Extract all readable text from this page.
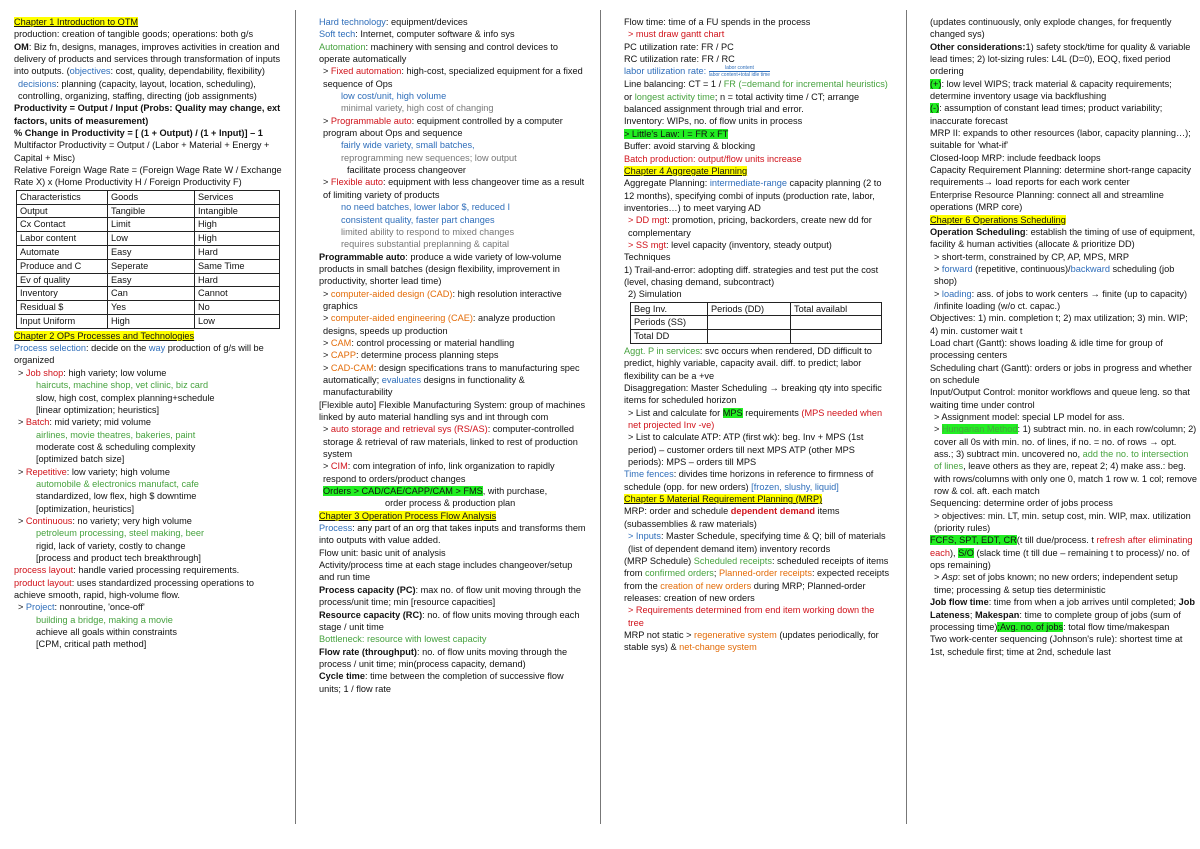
Chapter 1 Introduction to OTM

production: creation of tangible goods; operations: both g/s

OM: Biz fn, designs, manages, improves activities in creation and delivery of products and services through transformation of inputs into outputs. (objectives: cost, quality, dependability, flexibility)

decisions: planning (capacity, layout, location, scheduling), controlling, organizing, staffing, directing (job assignments)

Productivity = Output / Input (Probs: Quality may change, ext factors, units of measurement)

% Change in Productivity = [ (1 + Output) / (1 + Input)] – 1

Multifactor Productivity = Output / (Labor + Material + Energy + Capital + Misc)

Relative Foreign Wage Rate = (Foreign Wage Rate W / Exchange Rate X) x (Home Productivity H / Foreign Productivity F)

Characteristics	Goods	Services
Output	Tangible	Intangible
Cx Contact	Limit	High
Labor content	Low	High
Automate	Easy	Hard
Produce and C	Seperate	Same Time
Ev of quality	Easy	Hard
Inventory	Can	Cannot
Residual $	Yes	No
Input Uniform	High	Low

Chapter 2 OPs Processes and Technologies

Process selection: decide on the way production of g/s will be organized

> Job shop: high variety; low volume

haircuts, machine shop, vet clinic, biz card

slow, high cost, complex planning+schedule

[linear optimization; heuristics]

> Batch: mid variety; mid volume

airlines, movie theatres, bakeries, paint

moderate cost & scheduling complexity

[optimized batch size]

> Repetitive: low variety; high volume

automobile & electronics manufact, cafe

standardized, low flex, high $ downtime

[optimization, heuristics]

> Continuous: no variety; very high volume

petroleum processing, steel making, beer

rigid, lack of variety, costly to change

[process and product tech breakthrough]

process layout: handle varied processing requirements.

product layout: uses standardized processing operations to achieve smooth, rapid, high-volume flow.

> Project: nonroutine, 'once-off'

building a bridge, making a movie

achieve all goals within constraints

[CPM, critical path method]

Hard technology: equipment/devices

Soft tech: Internet, computer software & info sys

Automation: machinery with sensing and control devices to operate automatically

> Fixed automation: high-cost, specialized equipment for a fixed sequence of Ops

low cost/unit, high volume

minimal variety, high cost of changing

> Programmable auto: equipment controlled by a computer program about Ops and sequence

fairly wide variety, small batches,

reprogramming new sequences; low output

facilitate process changeover

> Flexible auto: equipment with less changeover time as a result of limiting variety of products

no need batches, lower labor $, reduced I

consistent quality, faster part changes

limited ability to respond to mixed changes

requires substantial preplanning & capital

Programmable auto: produce a wide variety of low-volume products in small batches (design flexibility, improvement in productivity, shorter lead time)

> computer-aided design (CAD): high resolution interactive graphics

> computer-aided engineering (CAE): analyze production designs, speeds up production

> CAM: control processing or material handling

> CAPP: determine process planning steps

> CAD-CAM: design specifications trans to manufacturing spec automatically; evaluates designs in functionality & manufacturability

[Flexible auto] Flexible Manufacturing System: group of machines linked by auto material handling sys and int through com

> auto storage and retrieval sys (RS/AS): computer-controlled storage & retrieval of raw materials, linked to rest of production system

> CIM: com integration of info, link organization to rapidly respond to orders/product changes

Orders > CAD/CAE/CAPP/CAM > FMS, with purchase,

order process & production plan

Chapter 3 Operation Process Flow Analysis

Process: any part of an org that takes inputs and transforms them into outputs with value added.

Flow unit: basic unit of analysis

Activity/process time at each stage includes changeover/setup and run time

Process capacity (PC): max no. of flow unit moving through the process/unit time; min [resource capacities]

Resource capacity (RC): no. of flow units moving through each stage / unit time

Bottleneck: resource with lowest capacity

Flow rate (throughput): no. of flow units moving through the process / unit time; min(process capacity, demand)

Cycle time: time between the completion of successive flow units; 1 / flow rate

Flow time: time of a FU spends in the process

> must draw gantt chart

PC utilization rate: FR / PC

RC utilization rate: FR / RC

labor utilization rate: $\frac{\text{labor content}}{\text{labor content+total idle time}}$

Line balancing: CT = 1 / FR (=demand for incremental heuristics) or longest activity time; n = total activity time / CT; arrange balanced assignment through trial and error.

Inventory: WIPs, no. of flow units in process

> Little's Law: I = FR x FT

Buffer: avoid starving & blocking

Batch production: output/flow units increase

Chapter 4 Aggregate Planning

Aggregate Planning: intermediate-range capacity planning (2 to 12 months), specifying combi of inputs (production rate, labor, inventories…) to meet varying AD

> DD mgt: promotion, pricing, backorders, create new dd for complementary

> SS mgt: level capacity (inventory, steady output)

Techniques

1) Trail-and-error: adopting diff. strategies and test put the cost (level, chasing demand, subcontract)

2) Simulation

Beg Inv.	Periods (DD)	Total availabl
Periods (SS)		
Total DD		

Aggt. P in services: svc occurs when rendered, DD difficult to predict, highly variable, capacity avail. diff. to predict; labor flexibility can be a +ve

Disaggregation: Master Scheduling → breaking qty into specific items for scheduled horizon

> List and calculate for MPS requirements (MPS needed when net projected Inv -ve)

> List to calculate ATP: ATP (first wk): beg. Inv + MPS (1st period) – customer orders till next MPS ATP (other MPS periods): MPS – orders till MPS

Time fences: divides time horizons in reference to firmness of schedule (opp. for new orders) [frozen, slushy, liquid]

Chapter 5 Material Requirement Planning (MRP)

MRP: order and schedule dependent demand items (subassemblies & raw materials)

> Inputs: Master Schedule, specifying time & Q; bill of materials (list of dependent demand item) inventory records

(MRP Schedule) Scheduled receipts: scheduled receipts of items from confirmed orders; Planned-order receipts: expected receipts from the creation of new orders during MRP; Planned-order releases: creation of new orders

> Requirements determined from end item working down the tree

MRP not static > regenerative system (updates periodically, for stable sys) & net-change system

(updates continuously, only explode changes, for frequently changed sys)

Other considerations:1) safety stock/time for quality & variable lead times; 2) lot-sizing rules: L4L (D=0), EOQ, fixed period ordering

(+): low level WIPS; track material & capacity requirements; determine inventory usage via backflushing

(-): assumption of constant lead times; product variability; inaccurate forecast

MRP II: expands to other resources (labor, capacity planning…); suitable for 'what-if'

Closed-loop MRP: include feedback loops

Capacity Requirement Planning: determine short-range capacity requirements→ load reports for each work center

Enterprise Resource Planning: connect all and streamline operations (MRP core)

Chapter 6 Operations Scheduling

Operation Scheduling: establish the timing of use of equipment, facility & human activities (allocate & prioritize DD)

> short-term, constrained by CP, AP, MPS, MRP

> forward (repetitive, continuous)/backward scheduling (job shop)

> loading: ass. of jobs to work centers → finite (up to capacity) /infinite loading (w/o ct. capac.)

Objectives: 1) min. completion t; 2) max utilization; 3) min. WIP; 4) min. customer wait t

Load chart (Gantt): shows loading & idle time for group of processing centers

Scheduling chart (Gantt): orders or jobs in progress and whether on schedule

Input/Output Control: monitor workflows and queue leng. so that waiting time under control

> Assignment model: special LP model for ass.

> Hungarian Method: 1) subtract min. no. in each row/column; 2) cover all 0s with min. no. of lines, if no. = no. of rows → opt. ass.; 3) subtract min. uncovered no, add the no. to intersection of lines, leave others as they are, repeat 2; 4) make ass.: beg. with rows/columns with only one 0, match 1 row w. 1 col; remove row & col. aft. each match

Sequencing: determine order of jobs process

> objectives: min. LT, min. setup cost, min. WIP, max. utilization (priority rules)

FCFS, SPT, EDT, CR(t till due/process. t refresh after eliminating each), S/O (slack time (t till due – remaining t to process)/ no. of ops remaining)

> Asp: set of jobs known; no new orders; independent setup time; processing & setup ties deterministic

Job flow time: time from when a job arrives until completed; Job Lateness; Makespan: time to complete group of jobs (sum of processing time);Avg. no. of jobs: total flow time/makespan

Two work-center sequencing (Johnson's rule): shortest time at 1st, schedule first; time at 2nd, schedule last
